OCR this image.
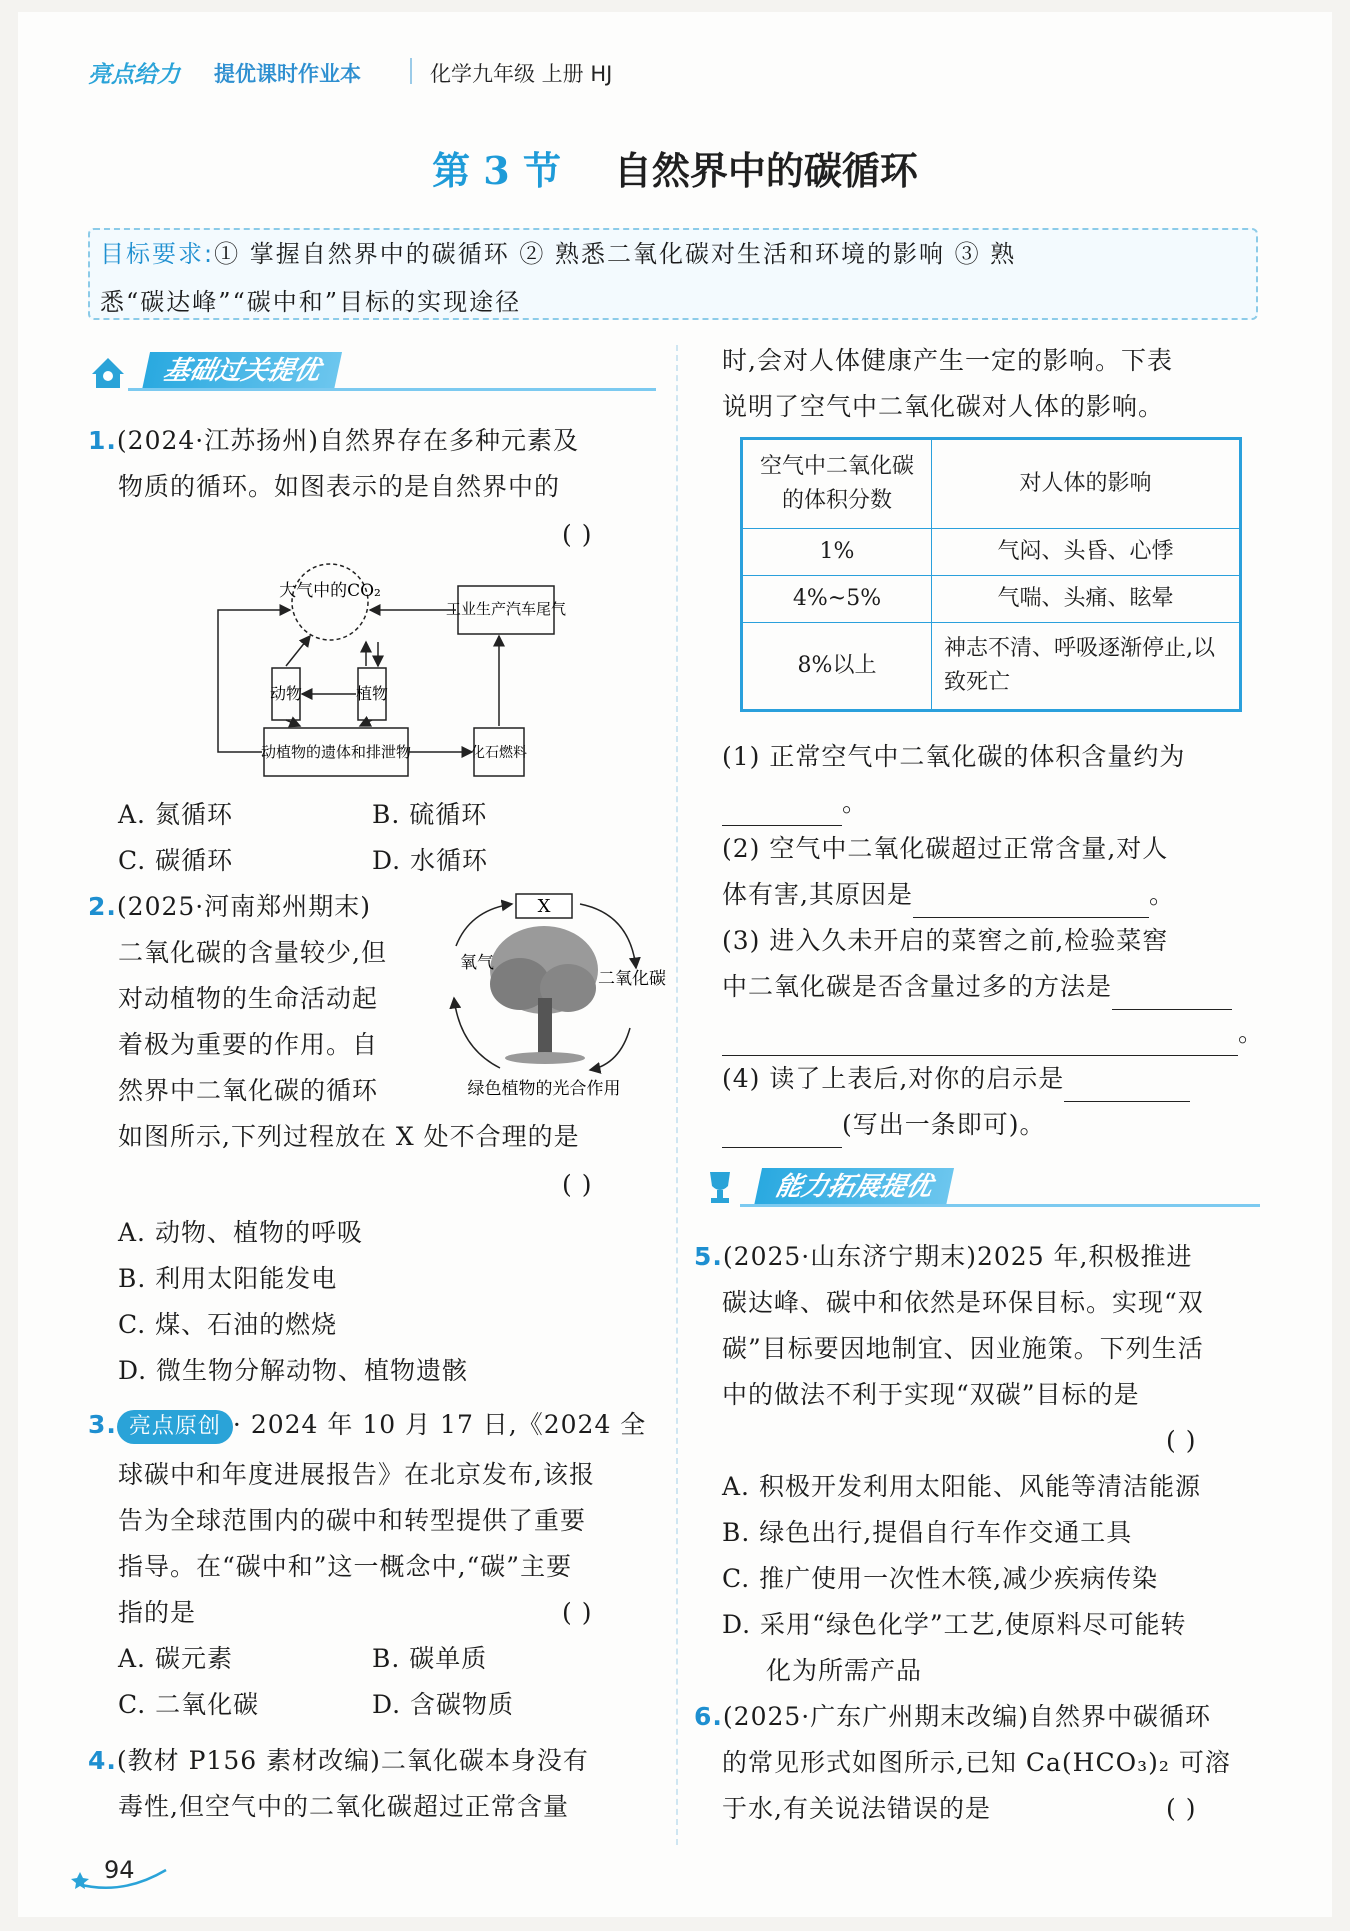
亮点给力 提优课时作业本	化学九年级 上册 HJ
第 3 节 自然界中的碳循环
目标要求:① 掌握自然界中的碳循环 ② 熟悉二氧化碳对生活和环境的影响 ③ 熟
悉“碳达峰”“碳中和”目标的实现途径
基础过关提优
1.(2024·江苏扬州)自然界存在多种元素及
物质的循环。如图表示的是自然界中的
( )
大气中的CO₂
工业生产汽车尾气
动物	植物
动植物的遗体和排泄物	化石燃料
A. 氮循环	B. 硫循环
C. 碳循环	D. 水循环
2.(2025·河南郑州期末)
二氧化碳的含量较少,但
对动植物的生命活动起
着极为重要的作用。自
然界中二氧化碳的循环
如图所示,下列过程放在 X 处不合理的是
( )
X
氧气
二氧化碳
绿色植物的光合作用
A. 动物、植物的呼吸
B. 利用太阳能发电
C. 煤、石油的燃烧
D. 微生物分解动物、植物遗骸
3. 亮点原创 · 2024 年 10 月 17 日,《2024 全
球碳中和年度进展报告》在北京发布,该报
告为全球范围内的碳中和转型提供了重要
指导。在“碳中和”这一概念中,“碳”主要
指的是	( )
A. 碳元素	B. 碳单质
C. 二氧化碳	D. 含碳物质
4.(教材 P156 素材改编)二氧化碳本身没有
毒性,但空气中的二氧化碳超过正常含量
时,会对人体健康产生一定的影响。下表
说明了空气中二氧化碳对人体的影响。
空气中二氧化碳的体积分数	对人体的影响
1%	气闷、头昏、心悸
4%~5%	气喘、头痛、眩晕
8%以上	神志不清、呼吸逐渐停止,以致死亡
(1) 正常空气中二氧化碳的体积含量约为
。
(2) 空气中二氧化碳超过正常含量,对人
体有害,其原因是	。
(3) 进入久未开启的菜窖之前,检验菜窖
中二氧化碳是否含量过多的方法是
。
(4) 读了上表后,对你的启示是
(写出一条即可)。
能力拓展提优
5.(2025·山东济宁期末)2025 年,积极推进
碳达峰、碳中和依然是环保目标。实现“双
碳”目标要因地制宜、因业施策。下列生活
中的做法不利于实现“双碳”目标的是
( )
A. 积极开发利用太阳能、风能等清洁能源
B. 绿色出行,提倡自行车作交通工具
C. 推广使用一次性木筷,减少疾病传染
D. 采用“绿色化学”工艺,使原料尽可能转
化为所需产品
6.(2025·广东广州期末改编)自然界中碳循环
的常见形式如图所示,已知 Ca(HCO₃)₂ 可溶
于水,有关说法错误的是	( )
94
